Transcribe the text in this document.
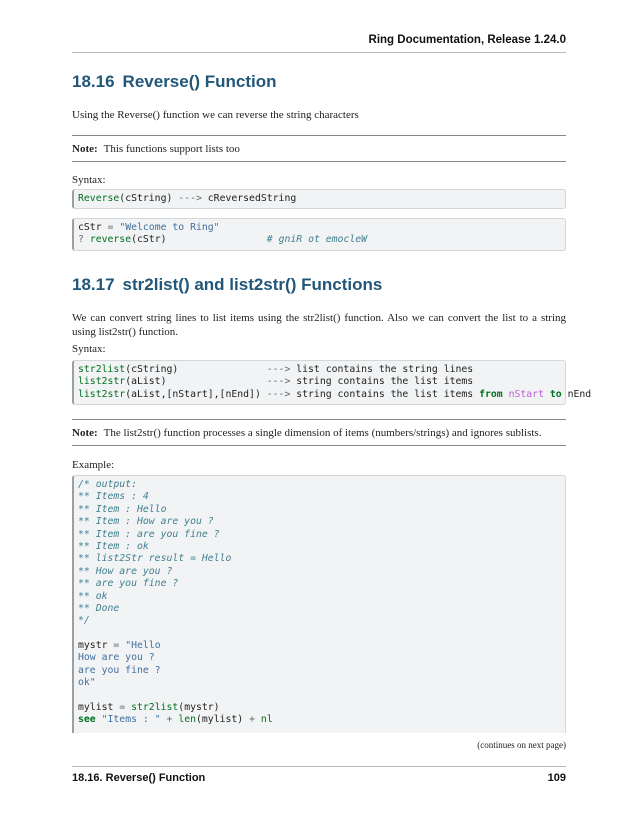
Ring Documentation, Release 1.24.0
18.16 Reverse() Function

Using the Reverse() function we can reverse the string characters

Note: This functions support lists too

Syntax:

Reverse(cString) ---> cReversedString
cStr = "Welcome to Ring"
? reverse(cStr)                 # gniR ot emocleW
18.17 str2list() and list2str() Functions

We can convert string lines to list items using the str2list() function. Also we can convert the list to a string using list2str() function.

Syntax:

str2list(cString)               ---> list contains the string lines
list2str(aList)                 ---> string contains the list items
list2str(aList,[nStart],[nEnd]) ---> string contains the list items from nStart to nEnd
Note: The list2str() function processes a single dimension of items (numbers/strings) and ignores sublists.

Example:

/* output:
** Items : 4
** Item : Hello
** Item : How are you ?
** Item : are you fine ?
** Item : ok
** list2Str result = Hello
** How are you ?
** are you fine ?
** ok
** Done
*/
mystr = "Hello
How are you ?
are you fine ?
ok"
mylist = str2list(mystr)
see "Items : " + len(mylist) + nl
(continues on next page)
18.16. Reverse() Function	109
